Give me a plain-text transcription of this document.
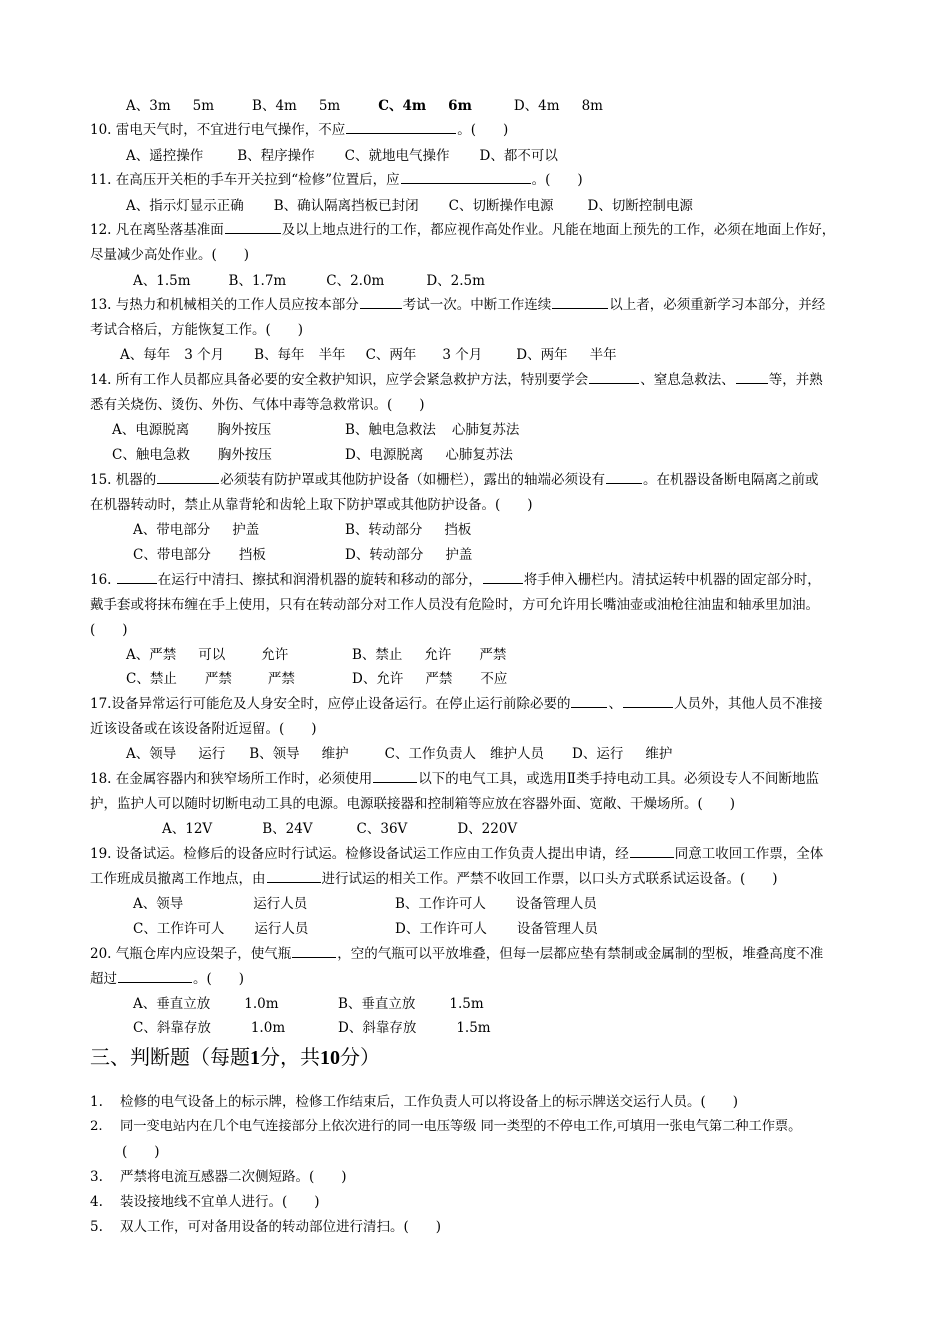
A、3m 5m	B、4m 5m	C、4m 6m	D、4m 8m
10. 雷电天气时，不宜进行电气操作，不应	。(　　)
A、遥控操作	B、程序操作 C、就地电气操作 D、都不可以
11. 在高压开关柜的手车开关拉到“检修”位置后，应	。(　　)
A、指示灯显示正确 B、确认隔离挡板已封闭 C、切断操作电源	D、切断控制电源
12. 凡在离坠落基准面	及以上地点进行的工作，都应视作高处作业。凡能在地面上预先的工作，必须在地面上作好，
尽量减少高处作业。(　　)
A、1.5m	B、1.7m	C、2.0m	D、2.5m
13. 与热力和机械相关的工作人员应按本部分	考试一次。中断工作连续	以上者，必须重新学习本部分，并经
考试合格后，方能恢复工作。(　　)
A、每年 3 个月 B、每年 半年 C、两年 3 个月	D、两年 半年
14. 所有工作人员都应具备必要的安全救护知识，应学会紧急救护方法，特别要学会	、窒息急救法、	等，并熟
悉有关烧伤、烫伤、外伤、气体中毒等急救常识。(　　)
A、电源脱离 胸外按压	B、触电急救法 心肺复苏法
C、触电急救 胸外按压	D、电源脱离 心肺复苏法
15. 机器的	必须装有防护罩或其他防护设备（如栅栏），露出的轴端必须设有	。在机器设备断电隔离之前或
在机器转动时，禁止从靠背轮和齿轮上取下防护罩或其他防护设备。(　　)
A、带电部分 护盖	B、转动部分 挡板
C、带电部分 挡板	D、转动部分 护盖
16.	在运行中清扫、擦拭和润滑机器的旋转和移动的部分，	将手伸入栅栏内。清拭运转中机器的固定部分时，
戴手套或将抹布缠在手上使用，只有在转动部分对工作人员没有危险时，方可允许用长嘴油壶或油枪往油盅和轴承里加油。
(　　)
A、严禁 可以	允许	B、禁止 允许 严禁
C、禁止 严禁	严禁	D、允许 严禁 不应
17.设备异常运行可能危及人身安全时，应停止设备运行。在停止运行前除必要的	、	人员外，其他人员不准接
近该设备或在该设备附近逗留。(　　)
A、领导 运行 B、领导 维护	C、工作负责人 维护人员 D、运行 维护
18. 在金属容器内和狭窄场所工作时，必须使用	以下的电气工具，或选用Ⅱ类手持电动工具。必须设专人不间断地监
护，监护人可以随时切断电动工具的电源。电源联接器和控制箱等应放在容器外面、宽敞、干燥场所。(　　)
A、12V	B、24V	C、36V	D、220V
19. 设备试运。检修后的设备应时行试运。检修设备试运工作应由工作负责人提出申请，经	同意工收回工作票，全体
工作班成员撤离工作地点，由	进行试运的相关工作。严禁不收回工作票，以口头方式联系试运设备。(　　)
A、领导	运行人员	B、工作许可人 设备管理人员
C、工作许可人 运行人员	D、工作许可人 设备管理人员
20. 气瓶仓库内应设架子，使气瓶	，空的气瓶可以平放堆叠，但每一层都应垫有禁制或金属制的型板，堆叠高度不准
超过	。(　　)
A、垂直立放	1.0m	B、垂直立放	1.5m
C、斜靠存放	1.0m	D、斜靠存放	1.5m
三、判断题（每题1分，共10分）
1. 检修的电气设备上的标示牌，检修工作结束后，工作负责人可以将设备上的标示牌送交运行人员。(　　)
2. 同一变电站内在几个电气连接部分上依次进行的同一电压等级 同一类型的不停电工作,可填用一张电气第二种工作票。
(　　)
3. 严禁将电流互感器二次侧短路。(　　)
4. 装设接地线不宜单人进行。(　　)
5. 双人工作，可对备用设备的转动部位进行清扫。(　　)
